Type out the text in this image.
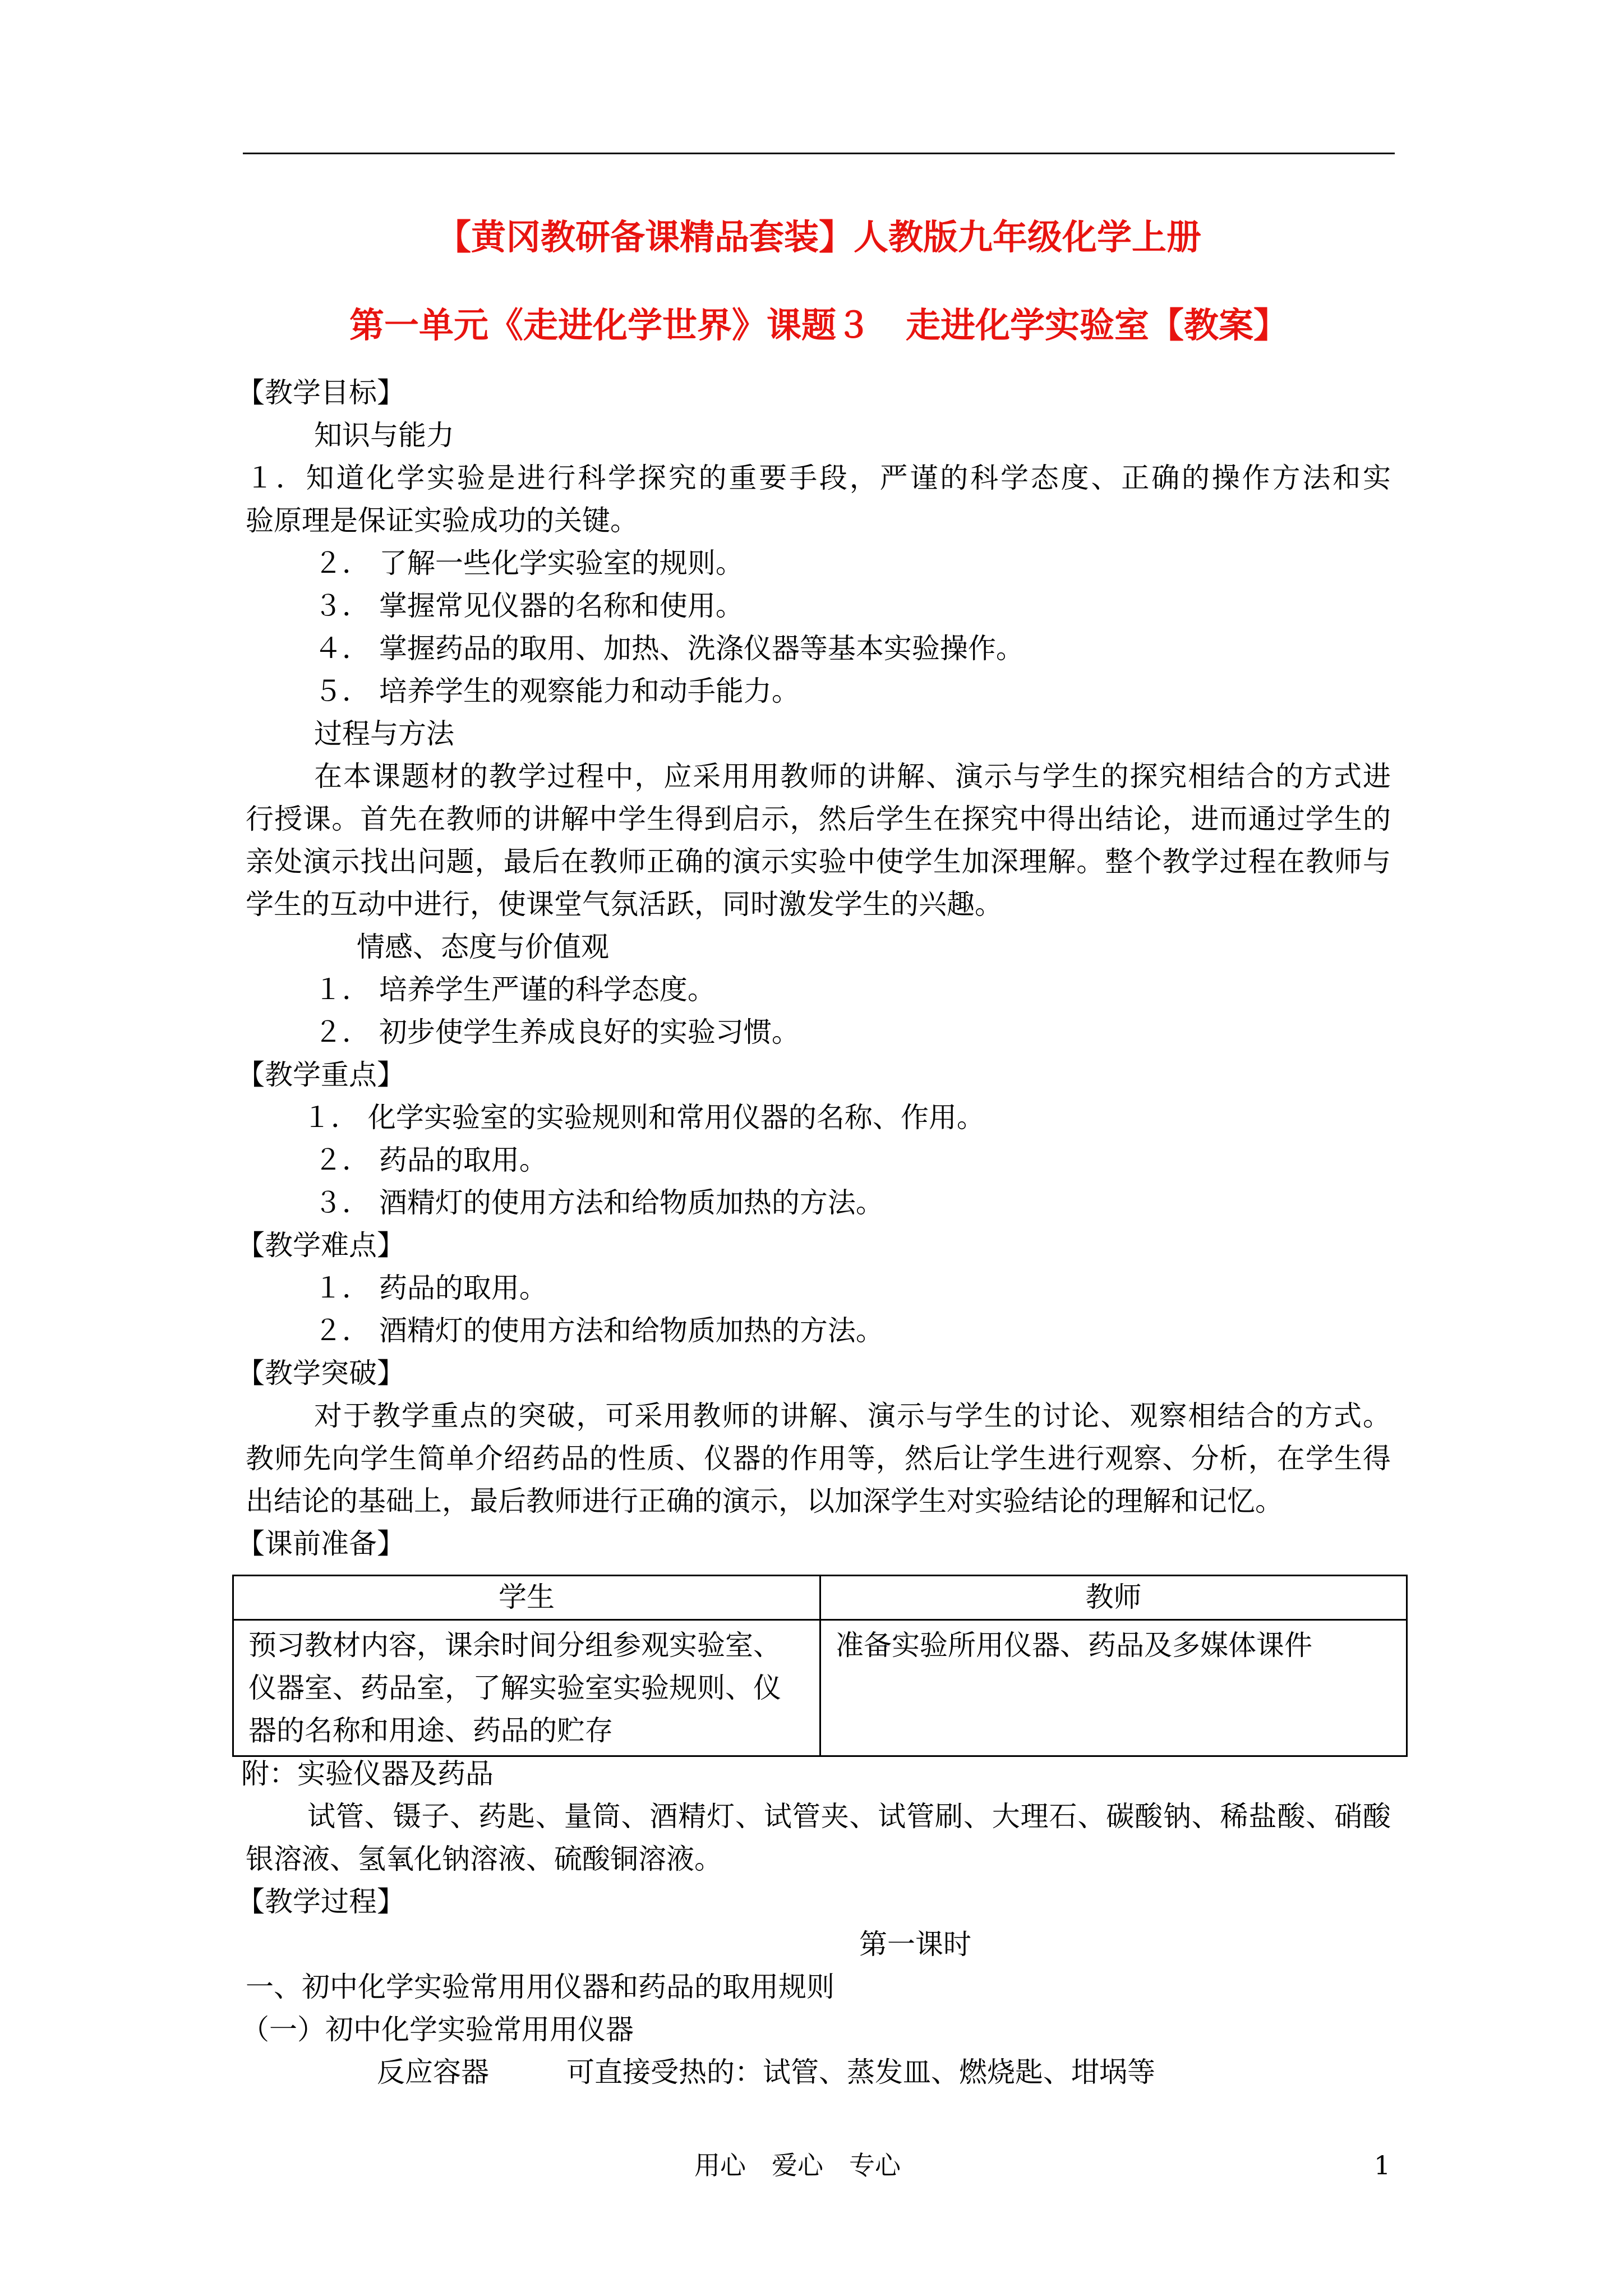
【黄冈教研备课精品套装】人教版九年级化学上册
第一单元《走进化学世界》课题３　走进化学实验室【教案】
【教学目标】
知识与能力
１．知道化学实验是进行科学探究的重要手段，严谨的科学态度、正确的操作方法和实
验原理是保证实验成功的关键。
２． 了解一些化学实验室的规则。
３． 掌握常见仪器的名称和使用。
４． 掌握药品的取用、加热、洗涤仪器等基本实验操作。
５． 培养学生的观察能力和动手能力。
过程与方法
在本课题材的教学过程中，应采用用教师的讲解、演示与学生的探究相结合的方式进
行授课。首先在教师的讲解中学生得到启示，然后学生在探究中得出结论，进而通过学生的
亲处演示找出问题，最后在教师正确的演示实验中使学生加深理解。整个教学过程在教师与
学生的互动中进行，使课堂气氛活跃，同时激发学生的兴趣。
情感、态度与价值观
１． 培养学生严谨的科学态度。
２． 初步使学生养成良好的实验习惯。
【教学重点】
１． 化学实验室的实验规则和常用仪器的名称、作用。
２． 药品的取用。
３． 酒精灯的使用方法和给物质加热的方法。
【教学难点】
１． 药品的取用。
２． 酒精灯的使用方法和给物质加热的方法。
【教学突破】
对于教学重点的突破，可采用教师的讲解、演示与学生的讨论、观察相结合的方式。
教师先向学生简单介绍药品的性质、仪器的作用等，然后让学生进行观察、分析，在学生得
出结论的基础上，最后教师进行正确的演示，以加深学生对实验结论的理解和记忆。
【课前准备】
学生	教师

预习教材内容，课余时间分组参观实验室、
仪器室、药品室，了解实验室实验规则、仪
器的名称和用途、药品的贮存	准备实验所用仪器、药品及多媒体课件
附：实验仪器及药品
试管、镊子、药匙、量筒、酒精灯、试管夹、试管刷、大理石、碳酸钠、稀盐酸、硝酸
银溶液、氢氧化钠溶液、硫酸铜溶液。
【教学过程】
第一课时
一、初中化学实验常用用仪器和药品的取用规则
（一）初中化学实验常用用仪器
反应容器	可直接受热的：试管、蒸发皿、燃烧匙、坩埚等
用心　爱心　专心	1
